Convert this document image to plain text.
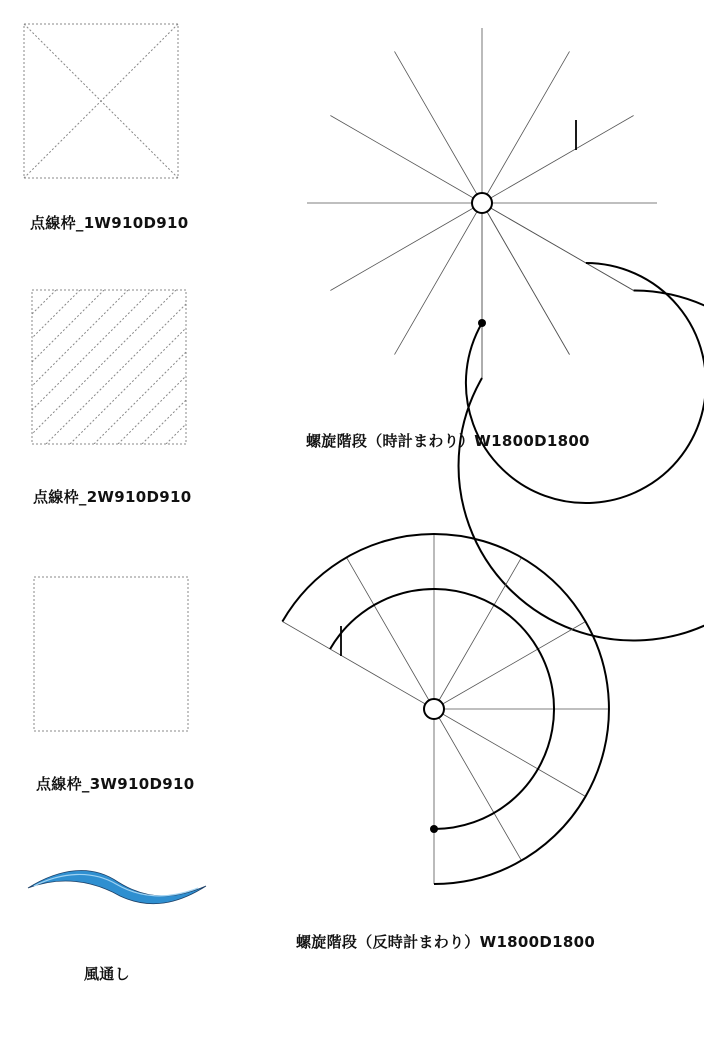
点線枠_1W910D910
点線枠_2W910D910
点線枠_3W910D910
風通し
螺旋階段（時計まわり）W1800D1800
螺旋階段（反時計まわり）W1800D1800
